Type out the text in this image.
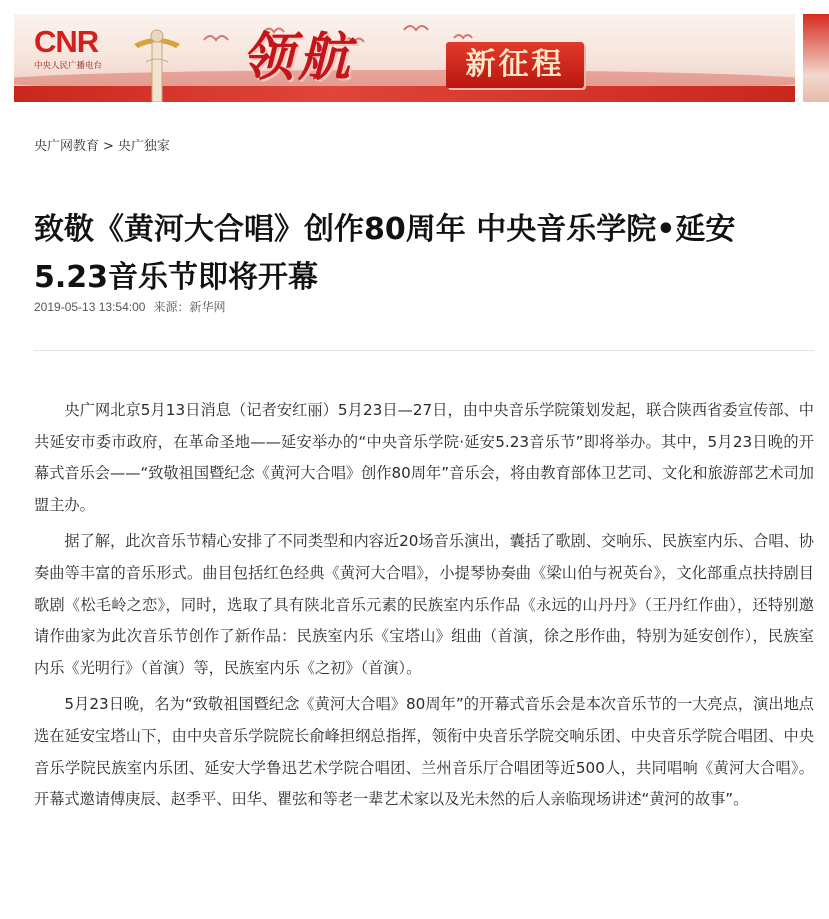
CNR
中央人民广播电台	领航	新征程
央广网教育 > 央广独家
致敬《黄河大合唱》创作80周年 中央音乐学院•延安5.23音乐节即将开幕
2019-05-13 13:54:00 来源：新华网

央广网北京5月13日消息（记者安红丽）5月23日—27日，由中央音乐学院策划发起，联合陕西省委宣传部、中共延安市委市政府，在革命圣地——延安举办的“中央音乐学院·延安5.23音乐节”即将举办。其中，5月23日晚的开幕式音乐会——“致敬祖国暨纪念《黄河大合唱》创作80周年”音乐会，将由教育部体卫艺司、文化和旅游部艺术司加盟主办。

据了解，此次音乐节精心安排了不同类型和内容近20场音乐演出，囊括了歌剧、交响乐、民族室内乐、合唱、协奏曲等丰富的音乐形式。曲目包括红色经典《黄河大合唱》，小提琴协奏曲《梁山伯与祝英台》，文化部重点扶持剧目歌剧《松毛岭之恋》，同时，选取了具有陕北音乐元素的民族室内乐作品《永远的山丹丹》（王丹红作曲），还特别邀请作曲家为此次音乐节创作了新作品：民族室内乐《宝塔山》组曲（首演，徐之彤作曲，特别为延安创作），民族室内乐《光明行》（首演）等，民族室内乐《之初》（首演）。

5月23日晚，名为“致敬祖国暨纪念《黄河大合唱》80周年”的开幕式音乐会是本次音乐节的一大亮点，演出地点选在延安宝塔山下，由中央音乐学院院长俞峰担纲总指挥，领衔中央音乐学院交响乐团、中央音乐学院合唱团、中央音乐学院民族室内乐团、延安大学鲁迅艺术学院合唱团、兰州音乐厅合唱团等近500人，共同唱响《黄河大合唱》。开幕式邀请傅庚辰、赵季平、田华、瞿弦和等老一辈艺术家以及光未然的后人亲临现场讲述“黄河的故事”。
